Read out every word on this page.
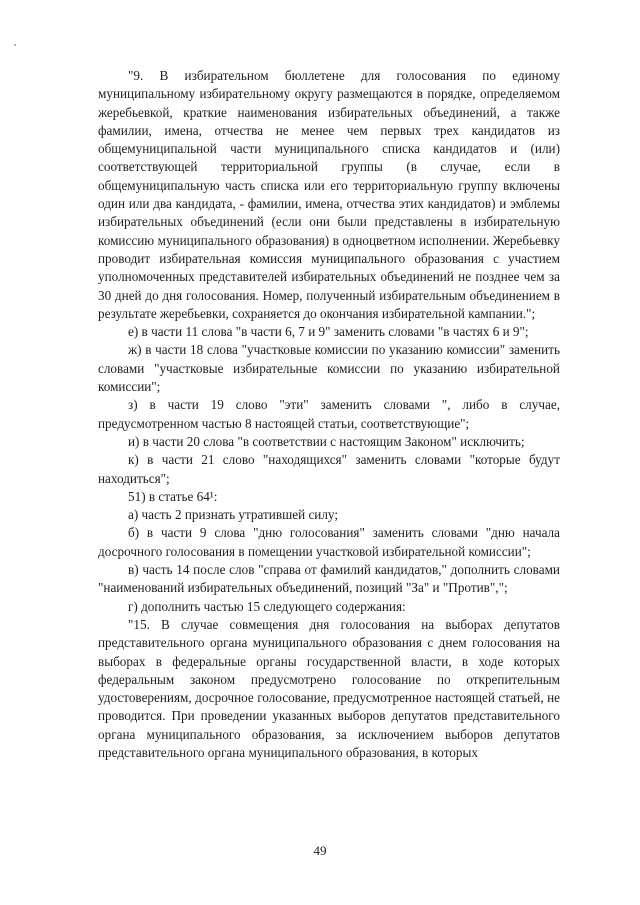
"9. В избирательном бюллетене для голосования по единому муниципальному избирательному округу размещаются в порядке, определяемом жеребьевкой, краткие наименования избирательных объединений, а также фамилии, имена, отчества не менее чем первых трех кандидатов из общемуниципальной части муниципального списка кандидатов и (или) соответствующей территориальной группы (в случае, если в общемуниципальную часть списка или его территориальную группу включены один или два кандидата, - фамилии, имена, отчества этих кандидатов) и эмблемы избирательных объединений (если они были представлены в избирательную комиссию муниципального образования) в одноцветном исполнении. Жеребьевку проводит избирательная комиссия муниципального образования с участием уполномоченных представителей избирательных объединений не позднее чем за 30 дней до дня голосования. Номер, полученный избирательным объединением в результате жеребьевки, сохраняется до окончания избирательной кампании.";

е) в части 11 слова "в части 6, 7 и 9" заменить словами "в частях 6 и 9";

ж) в части 18 слова "участковые комиссии по указанию комиссии" заменить словами "участковые избирательные комиссии по указанию избирательной комиссии";

з) в части 19 слово "эти" заменить словами ", либо в случае, предусмотренном частью 8 настоящей статьи, соответствующие";

и) в части 20 слова "в соответствии с настоящим Законом" исключить;

к) в части 21 слово "находящихся" заменить словами "которые будут находиться";

51) в статье 64¹:

а) часть 2 признать утратившей силу;

б) в части 9 слова "дню голосования" заменить словами "дню начала досрочного голосования в помещении участковой избирательной комиссии";

в) часть 14 после слов "справа от фамилий кандидатов," дополнить словами "наименований избирательных объединений, позиций "За" и "Против",";

г) дополнить частью 15 следующего содержания:

"15. В случае совмещения дня голосования на выборах депутатов представительного органа муниципального образования с днем голосования на выборах в федеральные органы государственной власти, в ходе которых федеральным законом предусмотрено голосование по открепительным удостоверениям, досрочное голосование, предусмотренное настоящей статьей, не проводится. При проведении указанных выборов депутатов представительного органа муниципального образования, за исключением выборов депутатов представительного органа муниципального образования, в которых

49
